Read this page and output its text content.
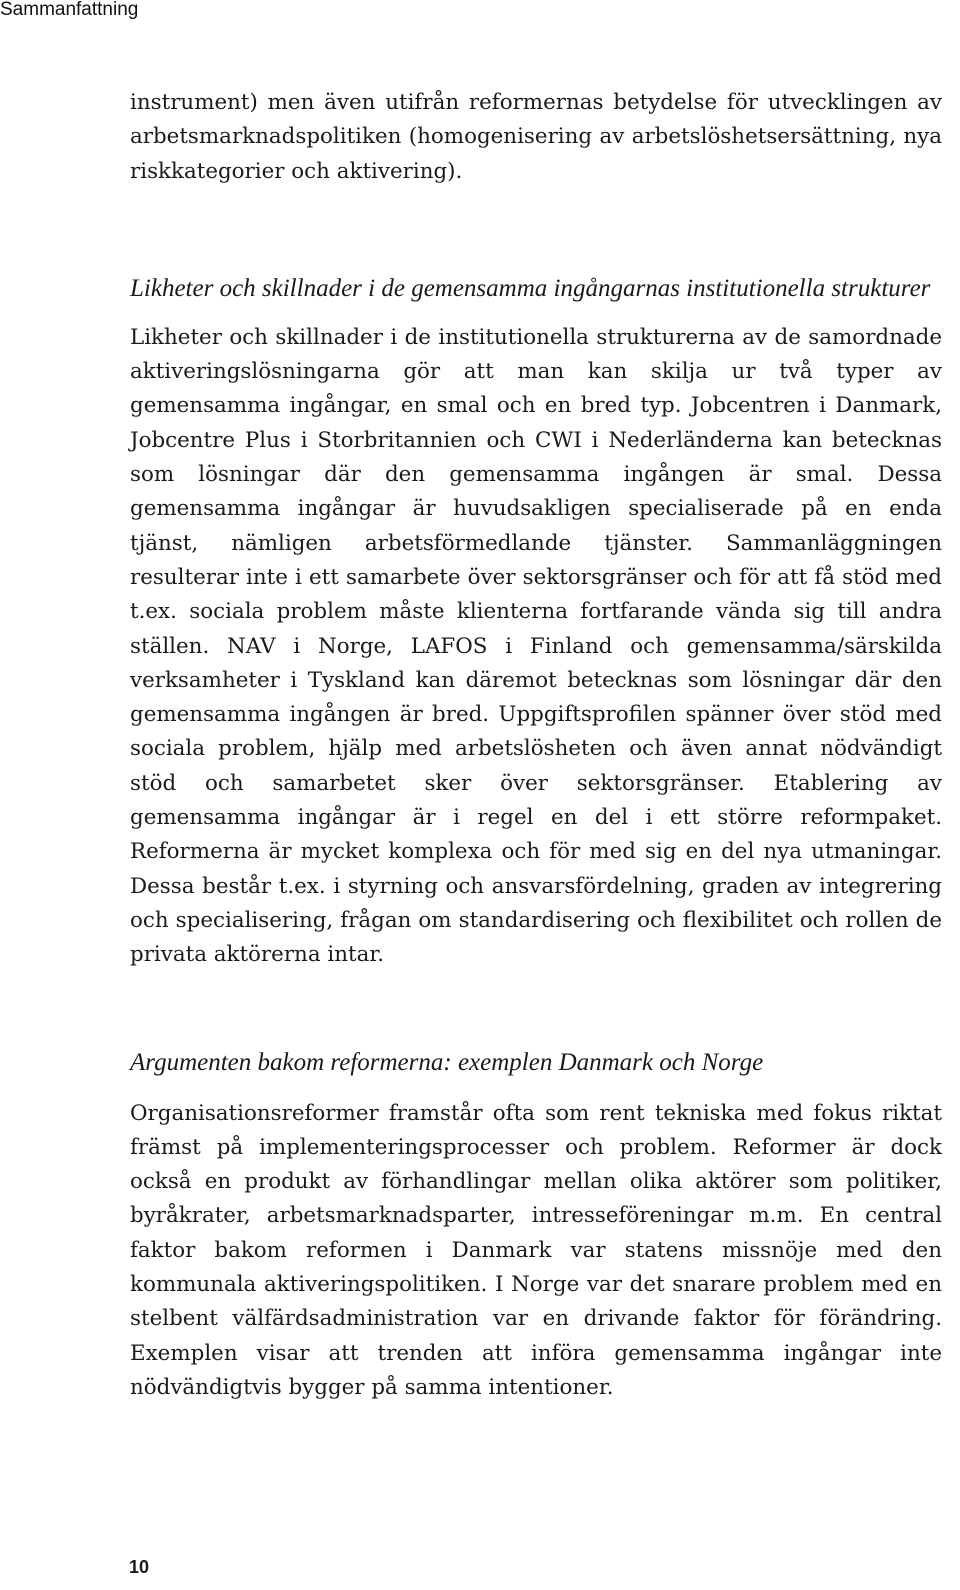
Sammanfattning

instrument) men även utifrån reformernas betydelse för utvecklingen av arbetsmarknadspolitiken (homogenisering av arbetslöshetsersättning, nya riskkategorier och aktivering).

Likheter och skillnader i de gemensamma ingångarnas institutionella strukturer

Likheter och skillnader i de institutionella strukturerna av de samordnade aktiveringslösningarna gör att man kan skilja ur två typer av gemensamma ingångar, en smal och en bred typ. Jobcentren i Danmark, Jobcentre Plus i Storbritannien och CWI i Nederländerna kan betecknas som lösningar där den gemensamma ingången är smal. Dessa gemensamma ingångar är huvudsakligen specialiserade på en enda tjänst, nämligen arbetsförmedlande tjänster. Sammanläggningen resulterar inte i ett samarbete över sektorsgränser och för att få stöd med t.ex. sociala problem måste klienterna fortfarande vända sig till andra ställen. NAV i Norge, LAFOS i Finland och gemensamma/särskilda verksamheter i Tyskland kan däremot betecknas som lösningar där den gemensamma ingången är bred. Uppgiftsprofilen spänner över stöd med sociala problem, hjälp med arbetslösheten och även annat nödvändigt stöd och samarbetet sker över sektorsgränser. Etablering av gemensamma ingångar är i regel en del i ett större reformpaket. Reformerna är mycket komplexa och för med sig en del nya utmaningar. Dessa består t.ex. i styrning och ansvarsfördelning, graden av integrering och specialisering, frågan om standardisering och flexibilitet och rollen de privata aktörerna intar.

Argumenten bakom reformerna: exemplen Danmark och Norge

Organisationsreformer framstår ofta som rent tekniska med fokus riktat främst på implementeringsprocesser och problem. Reformer är dock också en produkt av förhandlingar mellan olika aktörer som politiker, byråkrater, arbetsmarknadsparter, intresseföreningar m.m. En central faktor bakom reformen i Danmark var statens missnöje med den kommunala aktiveringspolitiken. I Norge var det snarare problem med en stelbent välfärdsadministration var en drivande faktor för förändring. Exemplen visar att trenden att införa gemensamma ingångar inte nödvändigtvis bygger på samma intentioner.

10
